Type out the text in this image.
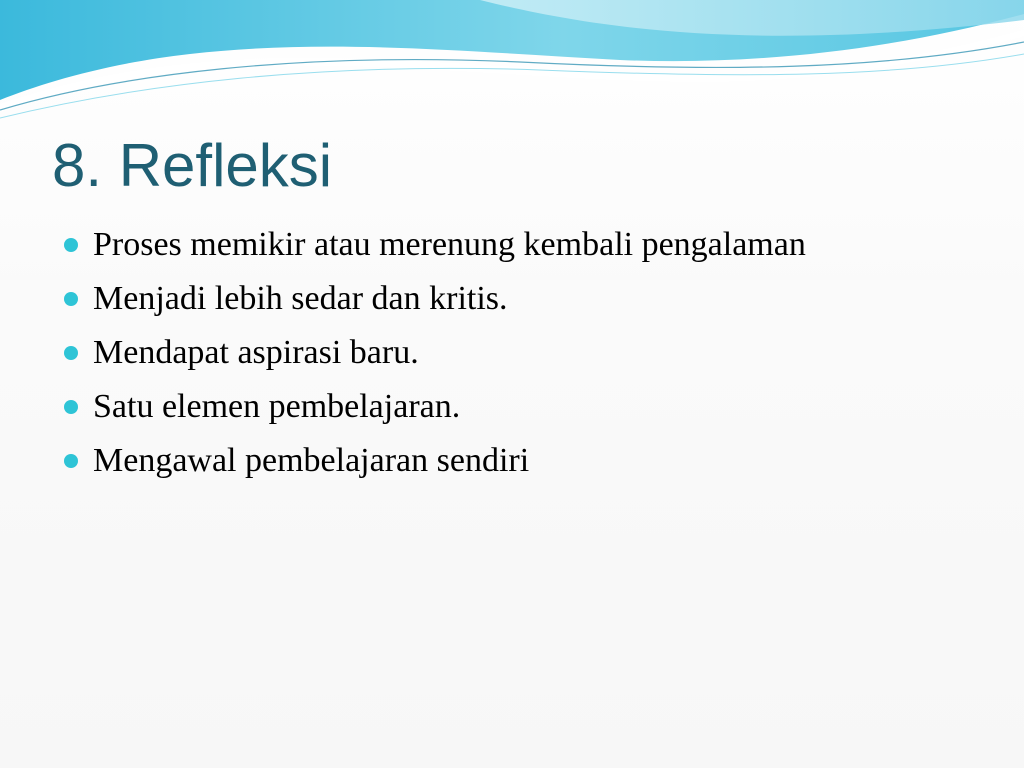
8. Refleksi
Proses memikir atau merenung kembali pengalaman
Menjadi lebih sedar dan kritis.
Mendapat aspirasi baru.
Satu elemen pembelajaran.
Mengawal pembelajaran sendiri
